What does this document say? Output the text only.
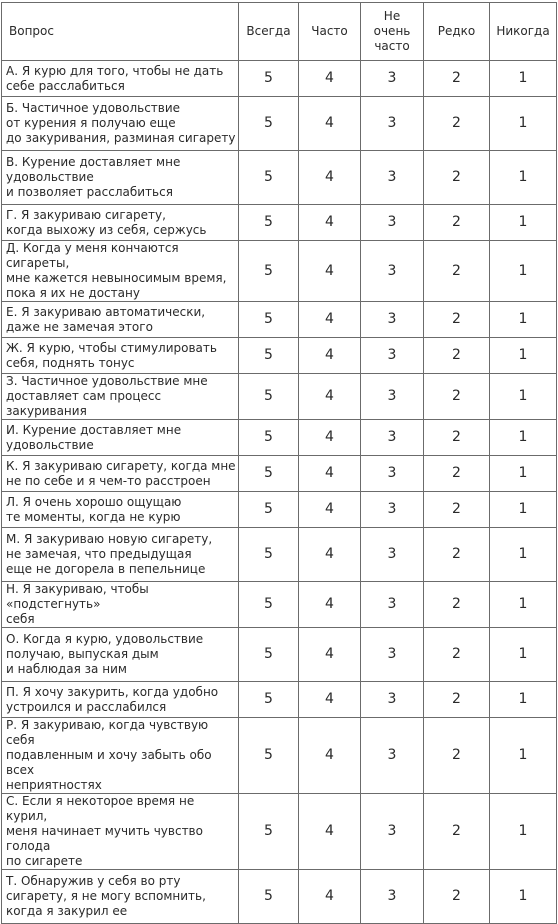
Вопрос	Всегда	Часто	Не
очень
часто	Редко	Никогда

А. Я курю для того, чтобы не дать
себе расслабиться	5	4	3	2	1

Б. Частичное удовольствие
от курения я получаю еще
до закуривания, разминая сигарету	5	4	3	2	1

В. Курение доставляет мне
удовольствие
и позволяет расслабиться	5	4	3	2	1

Г. Я закуриваю сигарету,
когда выхожу из себя, сержусь	5	4	3	2	1

Д. Когда у меня кончаются сигареты,
мне кажется невыносимым время,
пока я их не достану	5	4	3	2	1

Е. Я закуриваю автоматически,
даже не замечая этого	5	4	3	2	1

Ж. Я курю, чтобы стимулировать
себя, поднять тонус	5	4	3	2	1

З. Частичное удовольствие мне
доставляет сам процесс закуривания	5	4	3	2	1

И. Курение доставляет мне
удовольствие	5	4	3	2	1

К. Я закуриваю сигарету, когда мне
не по себе и я чем-то расстроен	5	4	3	2	1

Л. Я очень хорошо ощущаю
те моменты, когда не курю	5	4	3	2	1

М. Я закуриваю новую сигарету,
не замечая, что предыдущая
еще не догорела в пепельнице	5	4	3	2	1

Н. Я закуриваю, чтобы «подстегнуть»
себя	5	4	3	2	1

О. Когда я курю, удовольствие
получаю, выпуская дым
и наблюдая за ним	5	4	3	2	1

П. Я хочу закурить, когда удобно
устроился и расслабился	5	4	3	2	1

Р. Я закуриваю, когда чувствую себя
подавленным и хочу забыть обо всех
неприятностях	5	4	3	2	1

С. Если я некоторое время не курил,
меня начинает мучить чувство голода
по сигарете	5	4	3	2	1

Т. Обнаружив у себя во рту
сигарету, я не могу вспомнить,
когда я закурил ее	5	4	3	2	1
